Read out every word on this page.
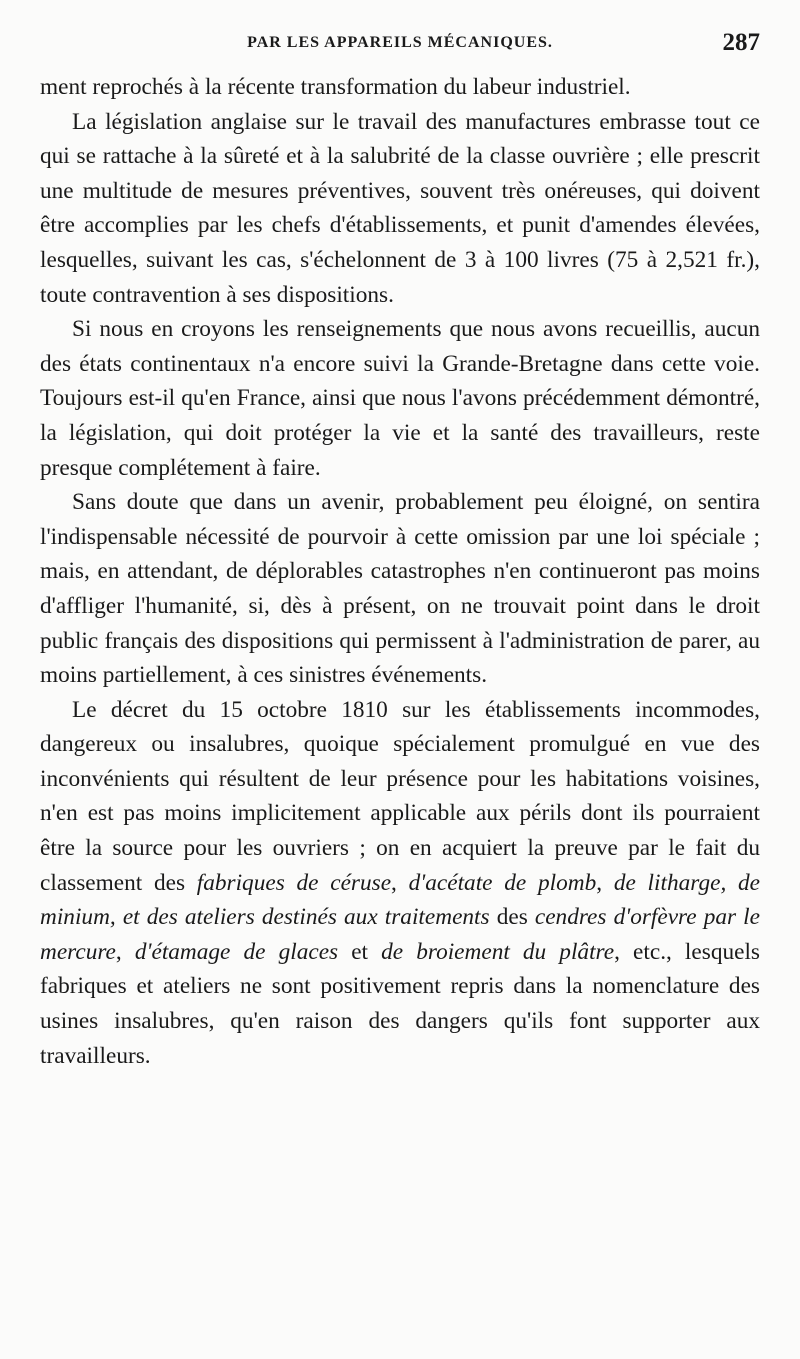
PAR LES APPAREILS MÉCANIQUES.	287

ment reprochés à la récente transformation du labeur industriel.

La législation anglaise sur le travail des manufactures embrasse tout ce qui se rattache à la sûreté et à la salubrité de la classe ouvrière ; elle prescrit une multitude de mesures préventives, souvent très onéreuses, qui doivent être accomplies par les chefs d'établissements, et punit d'amendes élevées, lesquelles, suivant les cas, s'échelonnent de 3 à 100 livres (75 à 2,521 fr.), toute contravention à ses dispositions.

Si nous en croyons les renseignements que nous avons recueillis, aucun des états continentaux n'a encore suivi la Grande-Bretagne dans cette voie. Toujours est-il qu'en France, ainsi que nous l'avons précédemment démontré, la législation, qui doit protéger la vie et la santé des travailleurs, reste presque complétement à faire.

Sans doute que dans un avenir, probablement peu éloigné, on sentira l'indispensable nécessité de pourvoir à cette omission par une loi spéciale ; mais, en attendant, de déplorables catastrophes n'en continueront pas moins d'affliger l'humanité, si, dès à présent, on ne trouvait point dans le droit public français des dispositions qui permissent à l'administration de parer, au moins partiellement, à ces sinistres événements.

Le décret du 15 octobre 1810 sur les établissements incommodes, dangereux ou insalubres, quoique spécialement promulgué en vue des inconvénients qui résultent de leur présence pour les habitations voisines, n'en est pas moins implicitement applicable aux périls dont ils pourraient être la source pour les ouvriers ; on en acquiert la preuve par le fait du classement des fabriques de céruse, d'acétate de plomb, de litharge, de minium, et des ateliers destinés aux traitements des cendres d'orfèvre par le mercure, d'étamage de glaces et de broiement du plâtre, etc., lesquels fabriques et ateliers ne sont positivement repris dans la nomenclature des usines insalubres, qu'en raison des dangers qu'ils font supporter aux travailleurs.
